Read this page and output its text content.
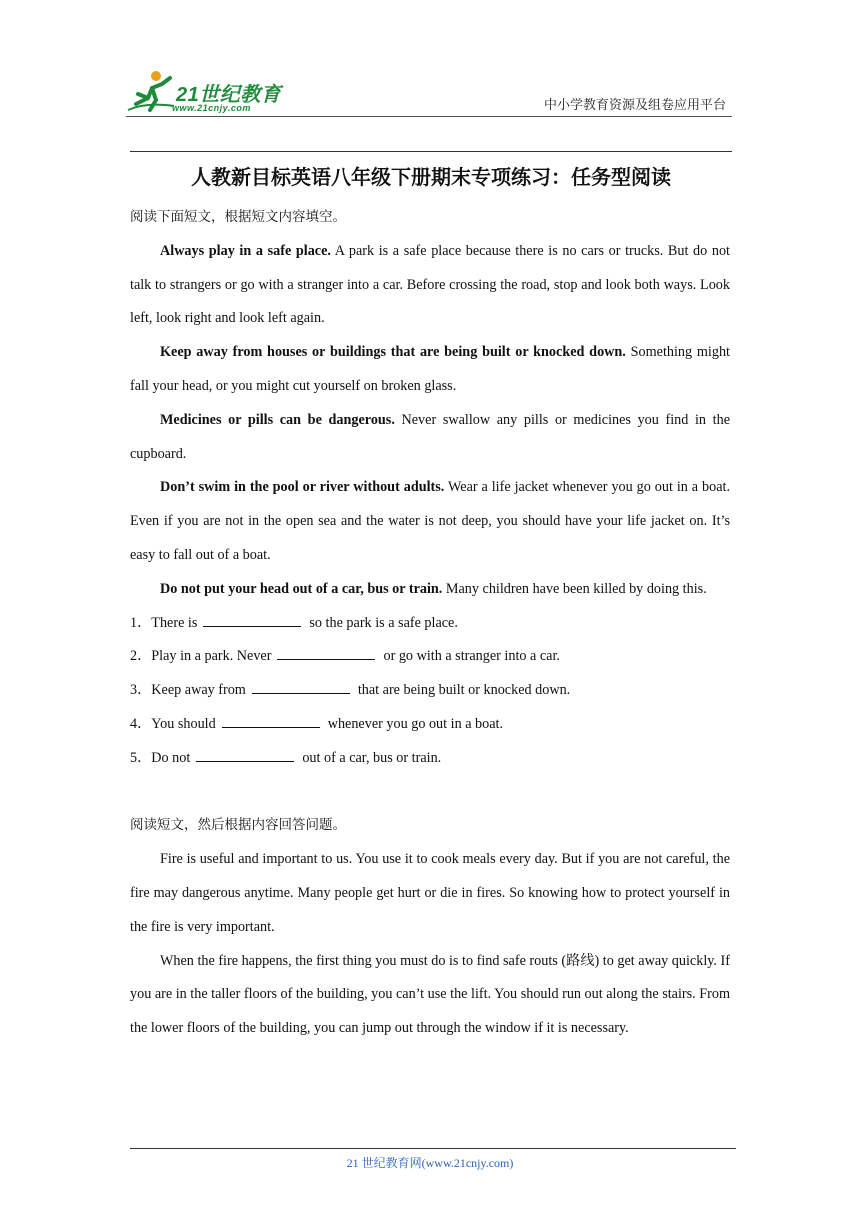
21世纪教育
www.21cnjy.com	中小学教育资源及组卷应用平台
人教新目标英语八年级下册期末专项练习：任务型阅读

阅读下面短文，根据短文内容填空。

Always play in a safe place. A park is a safe place because there is no cars or trucks. But do not talk to strangers or go with a stranger into a car. Before crossing the road, stop and look both ways. Look left, look right and look left again.

Keep away from houses or buildings that are being built or knocked down. Something might fall your head, or you might cut yourself on broken glass.

Medicines or pills can be dangerous. Never swallow any pills or medicines you find in the cupboard.

Don’t swim in the pool or river without adults. Wear a life jacket whenever you go out in a boat. Even if you are not in the open sea and the water is not deep, you should have your life jacket on. It’s easy to fall out of a boat.

Do not put your head out of a car, bus or train. Many children have been killed by doing this.

1．There is	so the park is a safe place.

2．Play in a park. Never	or go with a stranger into a car.

3．Keep away from	that are being built or knocked down.

4．You should	whenever you go out in a boat.

5．Do not	out of a car, bus or train.

阅读短文，然后根据内容回答问题。

Fire is useful and important to us. You use it to cook meals every day. But if you are not careful, the fire may dangerous anytime. Many people get hurt or die in fires. So knowing how to protect yourself in the fire is very important.

When the fire happens, the first thing you must do is to find safe routs (路线) to get away quickly. If you are in the taller floors of the building, you can’t use the lift. You should run out along the stairs. From the lower floors of the building, you can jump out through the window if it is necessary.

21 世纪教育网(www.21cnjy.com)
